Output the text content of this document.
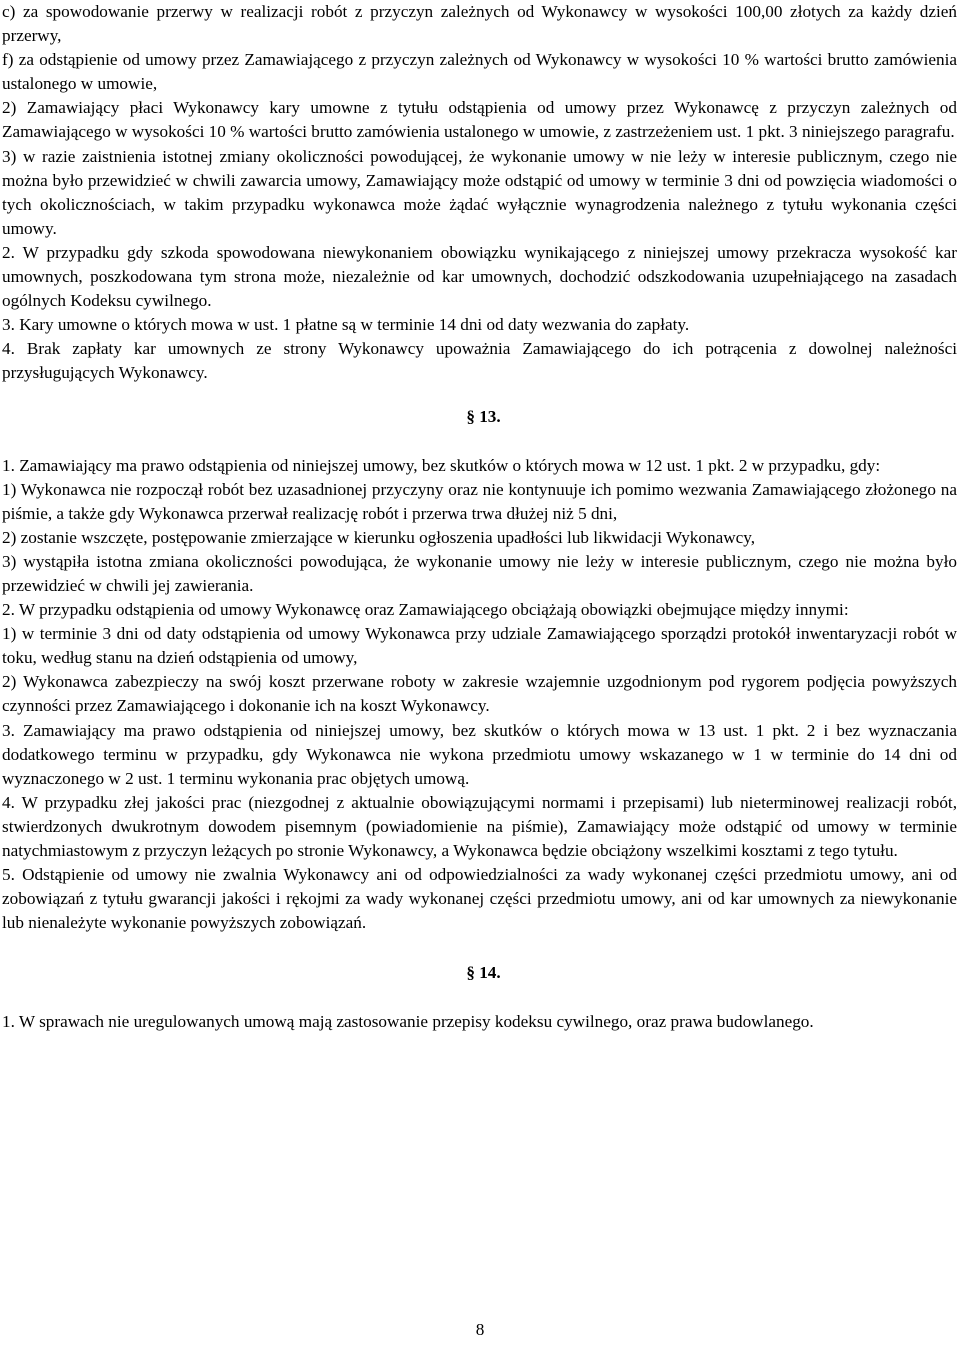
c) za spowodowanie przerwy w realizacji robót z przyczyn zależnych od Wykonawcy w wysokości 100,00 złotych za każdy dzień przerwy,

f) za odstąpienie od umowy przez Zamawiającego z przyczyn zależnych od Wykonawcy w wysokości 10 % wartości brutto zamówienia ustalonego w umowie,

2) Zamawiający płaci Wykonawcy kary umowne z tytułu odstąpienia od umowy przez Wykonawcę z przyczyn zależnych od Zamawiającego w wysokości 10 % wartości brutto zamówienia ustalonego w umowie, z zastrzeżeniem ust. 1 pkt. 3 niniejszego paragrafu.

3) w razie zaistnienia istotnej zmiany okoliczności powodującej, że wykonanie umowy w nie leży w interesie publicznym, czego nie można było przewidzieć w chwili zawarcia umowy, Zamawiający może odstąpić od umowy w terminie 3 dni od powzięcia wiadomości o tych okolicznościach, w takim przypadku wykonawca może żądać wyłącznie wynagrodzenia należnego z tytułu wykonania części umowy.

2. W przypadku gdy szkoda spowodowana niewykonaniem obowiązku wynikającego z niniejszej umowy przekracza wysokość kar umownych, poszkodowana tym strona może, niezależnie od kar umownych, dochodzić odszkodowania uzupełniającego na zasadach ogólnych Kodeksu cywilnego.

3. Kary umowne o których mowa w ust. 1 płatne są w terminie 14 dni od daty wezwania do zapłaty.

4. Brak zapłaty kar umownych ze strony Wykonawcy upoważnia Zamawiającego do ich potrącenia z dowolnej należności przysługujących Wykonawcy.

§ 13.

1. Zamawiający ma prawo odstąpienia od niniejszej umowy, bez skutków o których mowa w 12 ust. 1 pkt. 2 w przypadku, gdy:

1) Wykonawca nie rozpoczął robót bez uzasadnionej przyczyny oraz nie kontynuuje ich pomimo wezwania Zamawiającego złożonego na piśmie, a także gdy Wykonawca przerwał realizację robót i przerwa trwa dłużej niż 5 dni,

2) zostanie wszczęte, postępowanie zmierzające w kierunku ogłoszenia upadłości lub likwidacji Wykonawcy,

3) wystąpiła istotna zmiana okoliczności powodująca, że wykonanie umowy nie leży w interesie publicznym, czego nie można było przewidzieć w chwili jej zawierania.

2. W przypadku odstąpienia od umowy Wykonawcę oraz Zamawiającego obciążają obowiązki obejmujące między innymi:

1) w terminie 3 dni od daty odstąpienia od umowy Wykonawca przy udziale Zamawiającego sporządzi protokół inwentaryzacji robót w toku, według stanu na dzień odstąpienia od umowy,

2) Wykonawca zabezpieczy na swój koszt przerwane roboty w zakresie wzajemnie uzgodnionym pod rygorem podjęcia powyższych czynności przez Zamawiającego i dokonanie ich na koszt Wykonawcy.

3. Zamawiający ma prawo odstąpienia od niniejszej umowy, bez skutków o których mowa w 13 ust. 1 pkt. 2 i bez wyznaczania dodatkowego terminu w przypadku, gdy Wykonawca nie wykona przedmiotu umowy wskazanego w 1 w terminie do 14 dni od wyznaczonego w 2 ust. 1 terminu wykonania prac objętych umową.

4. W przypadku złej jakości prac (niezgodnej z aktualnie obowiązującymi normami i przepisami) lub nieterminowej realizacji robót, stwierdzonych dwukrotnym dowodem pisemnym (powiadomienie na piśmie), Zamawiający może odstąpić od umowy w terminie natychmiastowym z przyczyn leżących po stronie Wykonawcy, a Wykonawca będzie obciążony wszelkimi kosztami z tego tytułu.

5. Odstąpienie od umowy nie zwalnia Wykonawcy ani od odpowiedzialności za wady wykonanej części przedmiotu umowy, ani od zobowiązań z tytułu gwarancji jakości i rękojmi za wady wykonanej części przedmiotu umowy, ani od kar umownych za niewykonanie lub nienależyte wykonanie powyższych zobowiązań.

§ 14.

1. W sprawach nie uregulowanych umową mają zastosowanie przepisy kodeksu cywilnego, oraz prawa budowlanego.

8
